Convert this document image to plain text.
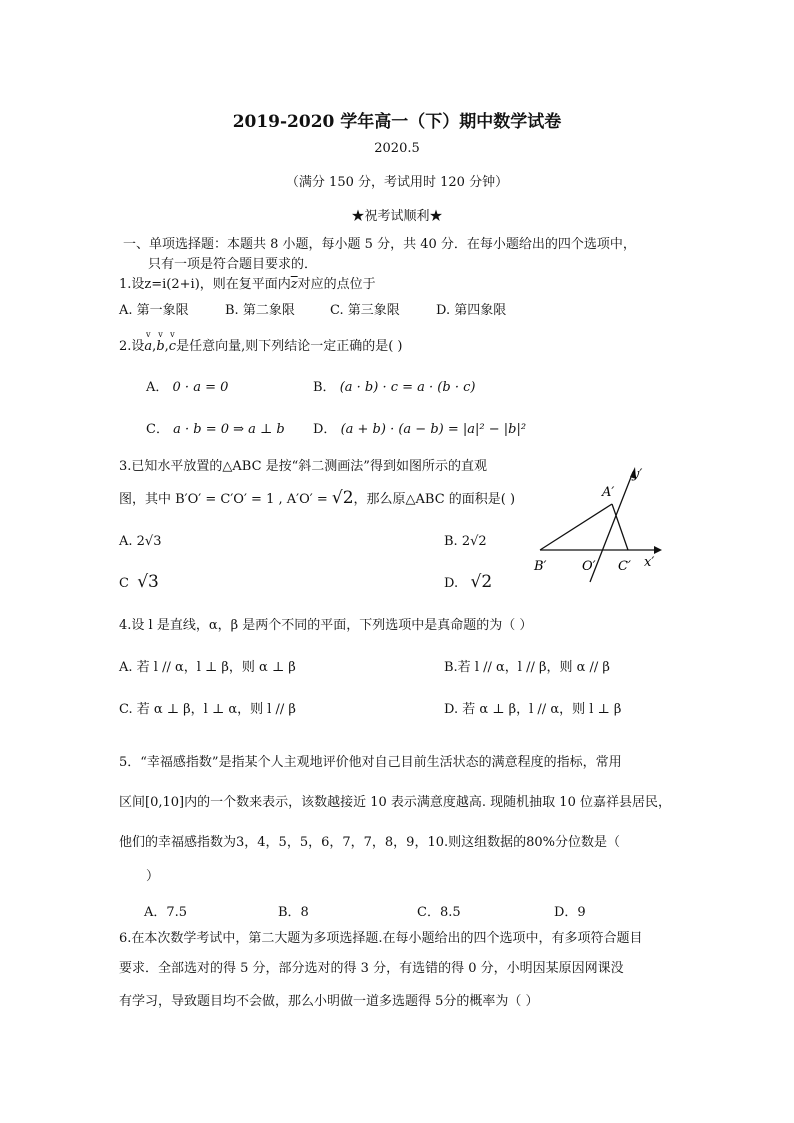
2019-2020 学年高一（下）期中数学试卷
2020.5
（满分 150 分，考试用时 120 分钟）
★祝考试顺利★
一、单项选择题：本题共 8 小题，每小题 5 分，共 40 分．在每小题给出的四个选项中，
只有一项是符合题目要求的．
1.设z=i(2+i)，则在复平面内$\overline{z}$对应的点位于
A. 第一象限	B. 第二象限	C. 第三象限	D. 第四象限
2.设v a,v b,v c是任意向量,则下列结论一定正确的是( )
A． 0 · a = 0	B． (a · b) · c = a · (b · c)
C． a · b = 0 ⇒ a ⊥ b D． (a + b) · (a − b) = |a|² − |b|²
3.已知水平放置的△ABC 是按“斜二测画法”得到如图所示的直观
图，其中 B′O′ = C′O′ = 1 , A′O′ = √2，那么原△ABC 的面积是( )
A. 2√3	B. 2√2
C √3	D. √2
A′
B′	O′ C′
y′
x′
4.设 l 是直线，α，β 是两个不同的平面，下列选项中是真命题的为（ ）
A. 若 l // α，l ⊥ β，则 α ⊥ β	B.若 l // α，l // β，则 α // β
C. 若 α ⊥ β，l ⊥ α，则 l // β	D. 若 α ⊥ β，l // α，则 l ⊥ β
5．“幸福感指数”是指某个人主观地评价他对自己目前生活状态的满意程度的指标，常用
区间[0,10]内的一个数来表示，该数越接近 10 表示满意度越高. 现随机抽取 10 位嘉祥县居民，
他们的幸福感指数为3，4，5，5，6，7，7，8，9，10.则这组数据的80%分位数是（
）
A．7.5	B．8	C．8.5	D．9
6.在本次数学考试中，第二大题为多项选择题.在每小题给出的四个选项中，有多项符合题目
要求．全部选对的得 5 分，部分选对的得 3 分，有选错的得 0 分，小明因某原因网课没
有学习，导致题目均不会做，那么小明做一道多选题得 5分的概率为（ ）
